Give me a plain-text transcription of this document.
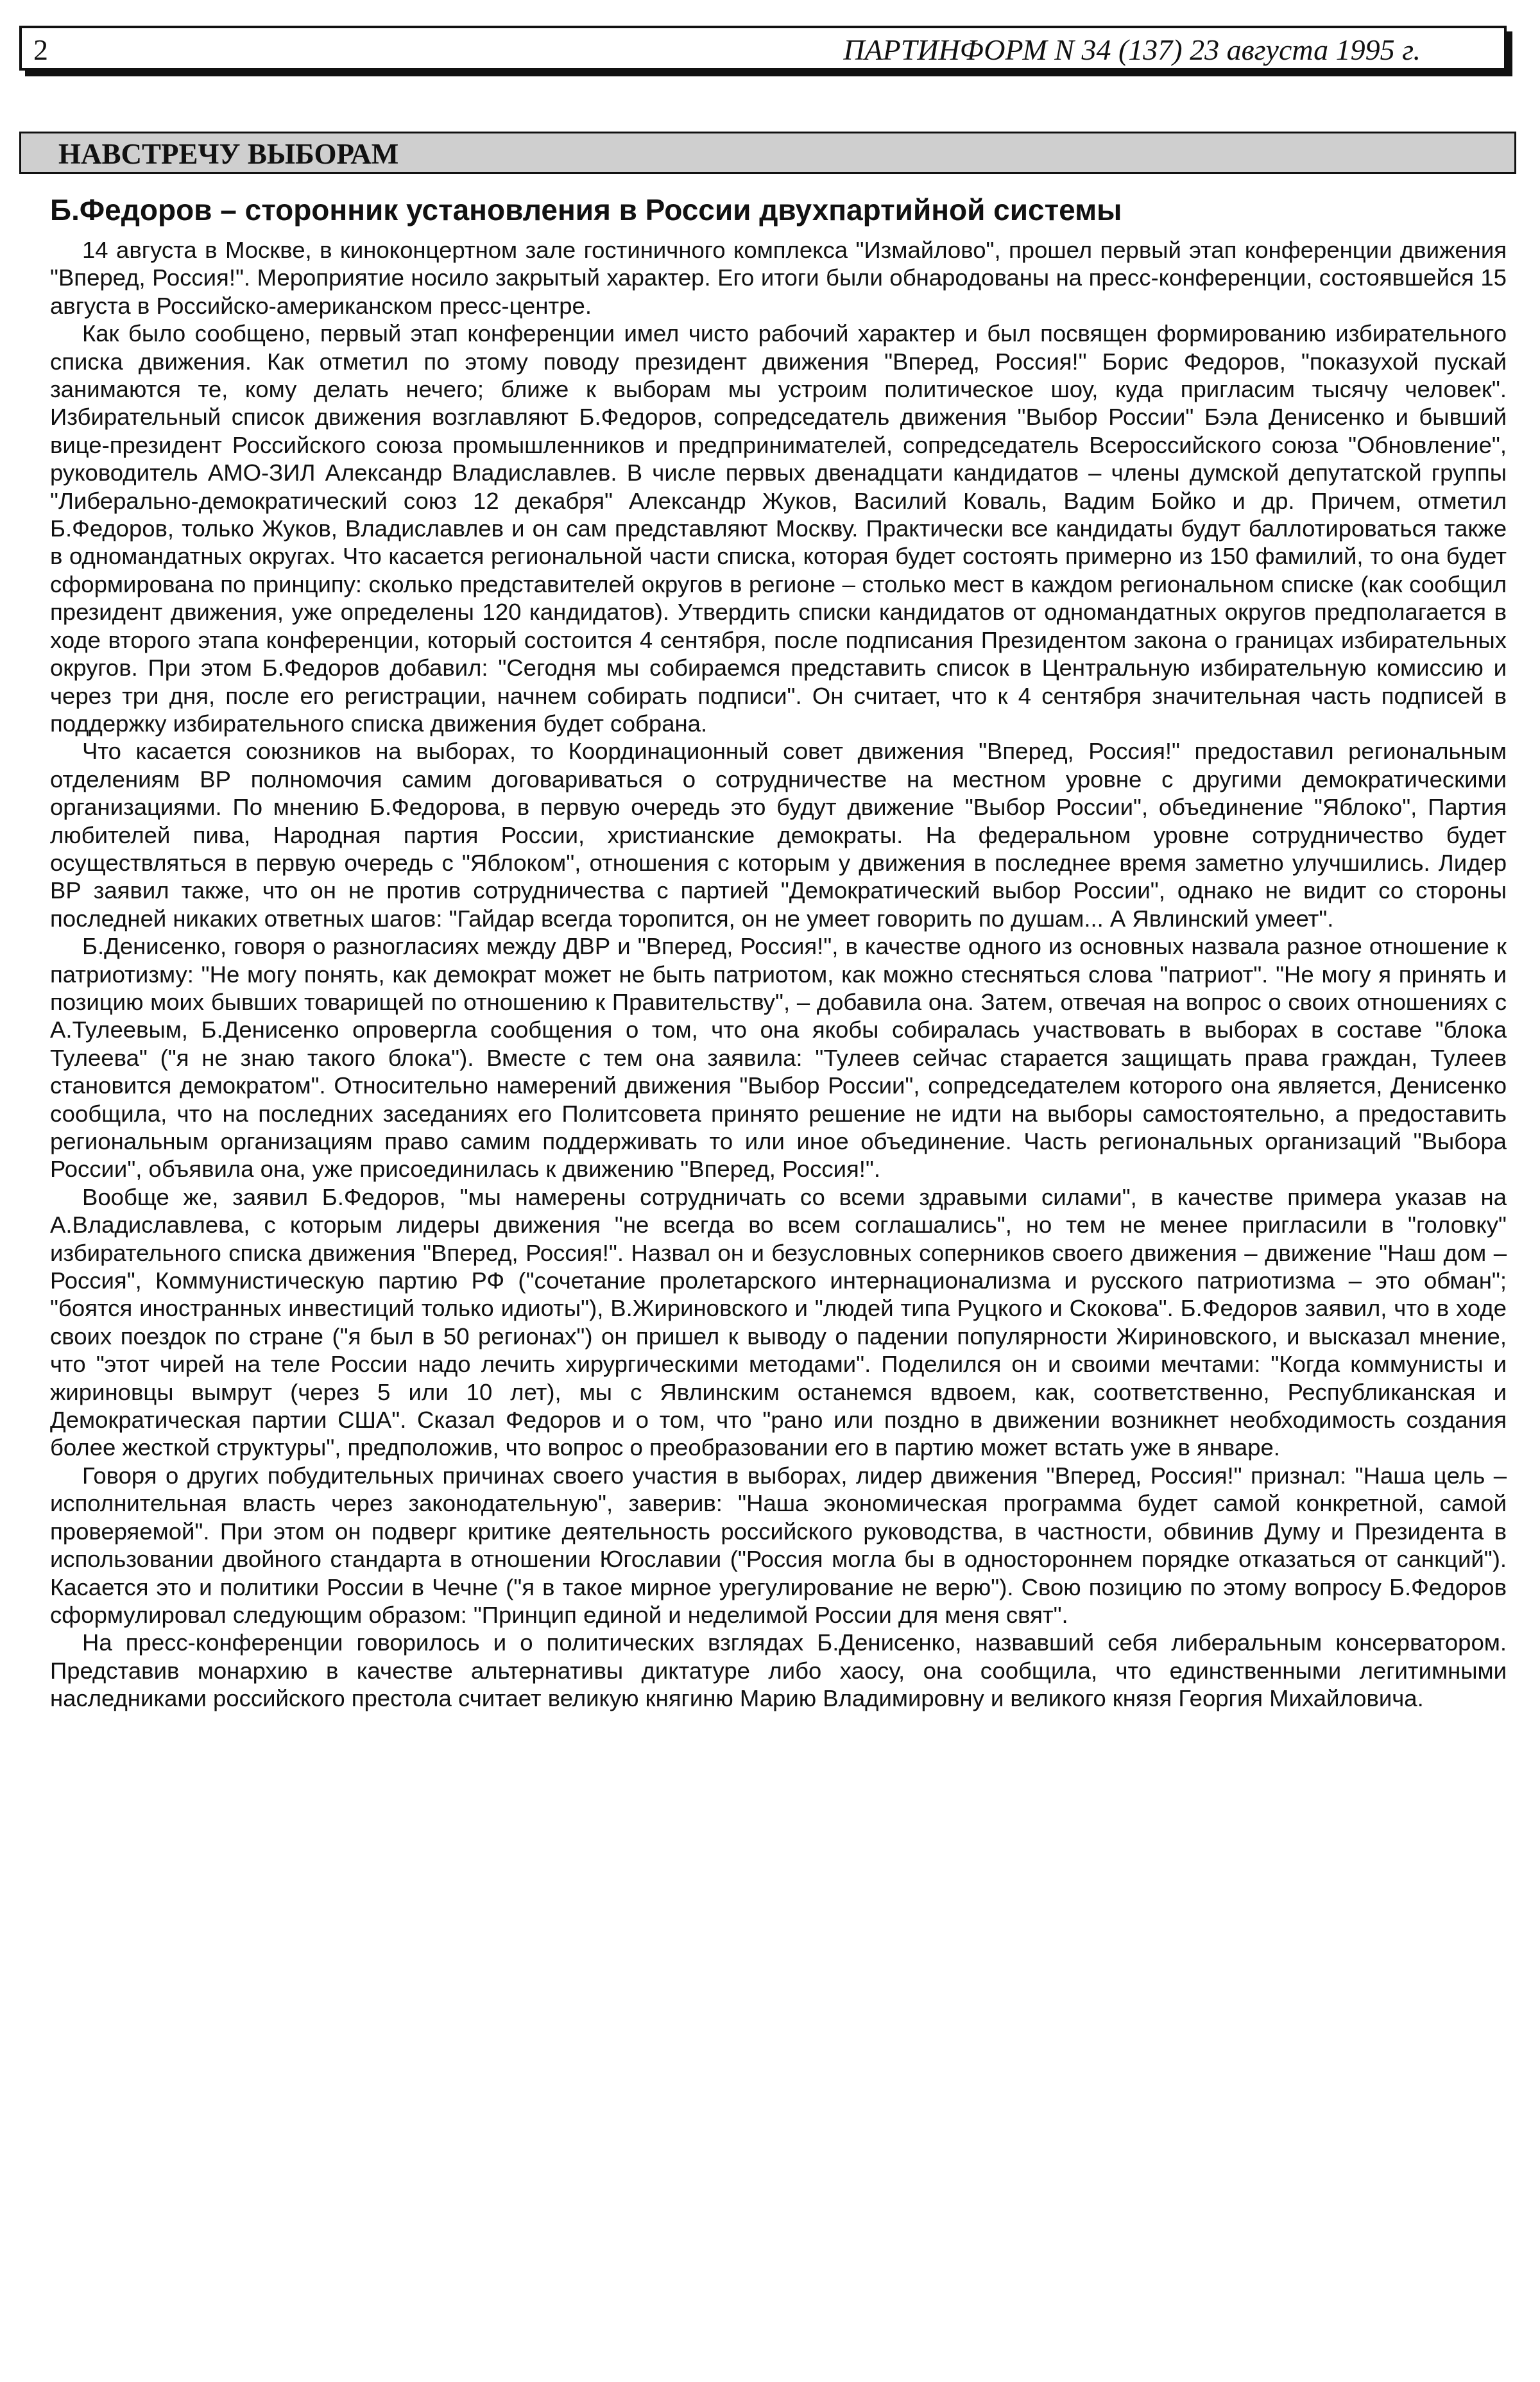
2	ПАРТИНФОРМ N 34 (137) 23 августа 1995 г.
НАВСТРЕЧУ ВЫБОРАМ
Б.Федоров – сторонник установления в России двухпартийной системы

14 августа в Москве, в киноконцертном зале гостиничного комплекса "Измайлово", прошел первый этап конференции движения "Вперед, Россия!". Мероприятие носило закрытый характер. Его итоги были обнародованы на пресс-конференции, состоявшейся 15 августа в Российско-американском пресс-центре.

Как было сообщено, первый этап конференции имел чисто рабочий характер и был посвящен формированию избирательного списка движения. Как отметил по этому поводу президент движения "Вперед, Россия!" Борис Федоров, "показухой пускай занимаются те, кому делать нечего; ближе к выборам мы устроим политическое шоу, куда пригласим тысячу человек". Избирательный список движения возглавляют Б.Федоров, сопредседатель движения "Выбор России" Бэла Денисенко и бывший вице-президент Российского союза промышленников и предпринимателей, сопредседатель Всероссийского союза "Обновление", руководитель АМО-ЗИЛ Александр Владиславлев. В числе первых двенадцати кандидатов – члены думской депутатской группы "Либерально-демократический союз 12 декабря" Александр Жуков, Василий Коваль, Вадим Бойко и др. Причем, отметил Б.Федоров, только Жуков, Владиславлев и он сам представляют Москву. Практически все кандидаты будут баллотироваться также в одномандатных округах. Что касается региональной части списка, которая будет состоять примерно из 150 фамилий, то она будет сформирована по принципу: сколько представителей округов в регионе – столько мест в каждом региональном списке (как сообщил президент движения, уже определены 120 кандидатов). Утвердить списки кандидатов от одномандатных округов предполагается в ходе второго этапа конференции, который состоится 4 сентября, после подписания Президентом закона о границах избирательных округов. При этом Б.Федоров добавил: "Сегодня мы собираемся представить список в Центральную избирательную комиссию и через три дня, после его регистрации, начнем собирать подписи". Он считает, что к 4 сентября значительная часть подписей в поддержку избирательного списка движения будет собрана.

Что касается союзников на выборах, то Координационный совет движения "Вперед, Россия!" предоставил региональным отделениям ВР полномочия самим договариваться о сотрудничестве на местном уровне с другими демократическими организациями. По мнению Б.Федорова, в первую очередь это будут движение "Выбор России", объединение "Яблоко", Партия любителей пива, Народная партия России, христианские демократы. На федеральном уровне сотрудничество будет осуществляться в первую очередь с "Яблоком", отношения с которым у движения в последнее время заметно улучшились. Лидер ВР заявил также, что он не против сотрудничества с партией "Демократический выбор России", однако не видит со стороны последней никаких ответных шагов: "Гайдар всегда торопится, он не умеет говорить по душам... А Явлинский умеет".

Б.Денисенко, говоря о разногласиях между ДВР и "Вперед, Россия!", в качестве одного из основных назвала разное отношение к патриотизму: "Не могу понять, как демократ может не быть патриотом, как можно стесняться слова "патриот". "Не могу я принять и позицию моих бывших товарищей по отношению к Правительству", – добавила она. Затем, отвечая на вопрос о своих отношениях с А.Тулеевым, Б.Денисенко опровергла сообщения о том, что она якобы собиралась участвовать в выборах в составе "блока Тулеева" ("я не знаю такого блока"). Вместе с тем она заявила: "Тулеев сейчас старается защищать права граждан, Тулеев становится демократом". Относительно намерений движения "Выбор России", сопредседателем которого она является, Денисенко сообщила, что на последних заседаниях его Политсовета принято решение не идти на выборы самостоятельно, а предоставить региональным организациям право самим поддерживать то или иное объединение. Часть региональных организаций "Выбора России", объявила она, уже присоединилась к движению "Вперед, Россия!".

Вообще же, заявил Б.Федоров, "мы намерены сотрудничать со всеми здравыми силами", в качестве примера указав на А.Владиславлева, с которым лидеры движения "не всегда во всем соглашались", но тем не менее пригласили в "головку" избирательного списка движения "Вперед, Россия!". Назвал он и безусловных соперников своего движения – движение "Наш дом – Россия", Коммунистическую партию РФ ("сочетание пролетарского интернационализма и русского патриотизма – это обман"; "боятся иностранных инвестиций только идиоты"), В.Жириновского и "людей типа Руцкого и Скокова". Б.Федоров заявил, что в ходе своих поездок по стране ("я был в 50 регионах") он пришел к выводу о падении популярности Жириновского, и высказал мнение, что "этот чирей на теле России надо лечить хирургическими методами". Поделился он и своими мечтами: "Когда коммунисты и жириновцы вымрут (через 5 или 10 лет), мы с Явлинским останемся вдвоем, как, соответственно, Республиканская и Демократическая партии США". Сказал Федоров и о том, что "рано или поздно в движении возникнет необходимость создания более жесткой структуры", предположив, что вопрос о преобразовании его в партию может встать уже в январе.

Говоря о других побудительных причинах своего участия в выборах, лидер движения "Вперед, Россия!" признал: "Наша цель – исполнительная власть через законодательную", заверив: "Наша экономическая программа будет самой конкретной, самой проверяемой". При этом он подверг критике деятельность российского руководства, в частности, обвинив Думу и Президента в использовании двойного стандарта в отношении Югославии ("Россия могла бы в одностороннем порядке отказаться от санкций"). Касается это и политики России в Чечне ("я в такое мирное урегулирование не верю"). Свою позицию по этому вопросу Б.Федоров сформулировал следующим образом: "Принцип единой и неделимой России для меня свят".

На пресс-конференции говорилось и о политических взглядах Б.Денисенко, назвавший себя либеральным консерватором. Представив монархию в качестве альтернативы диктатуре либо хаосу, она сообщила, что единственными легитимными наследниками российского престола считает великую княгиню Марию Владимировну и великого князя Георгия Михайловича.
